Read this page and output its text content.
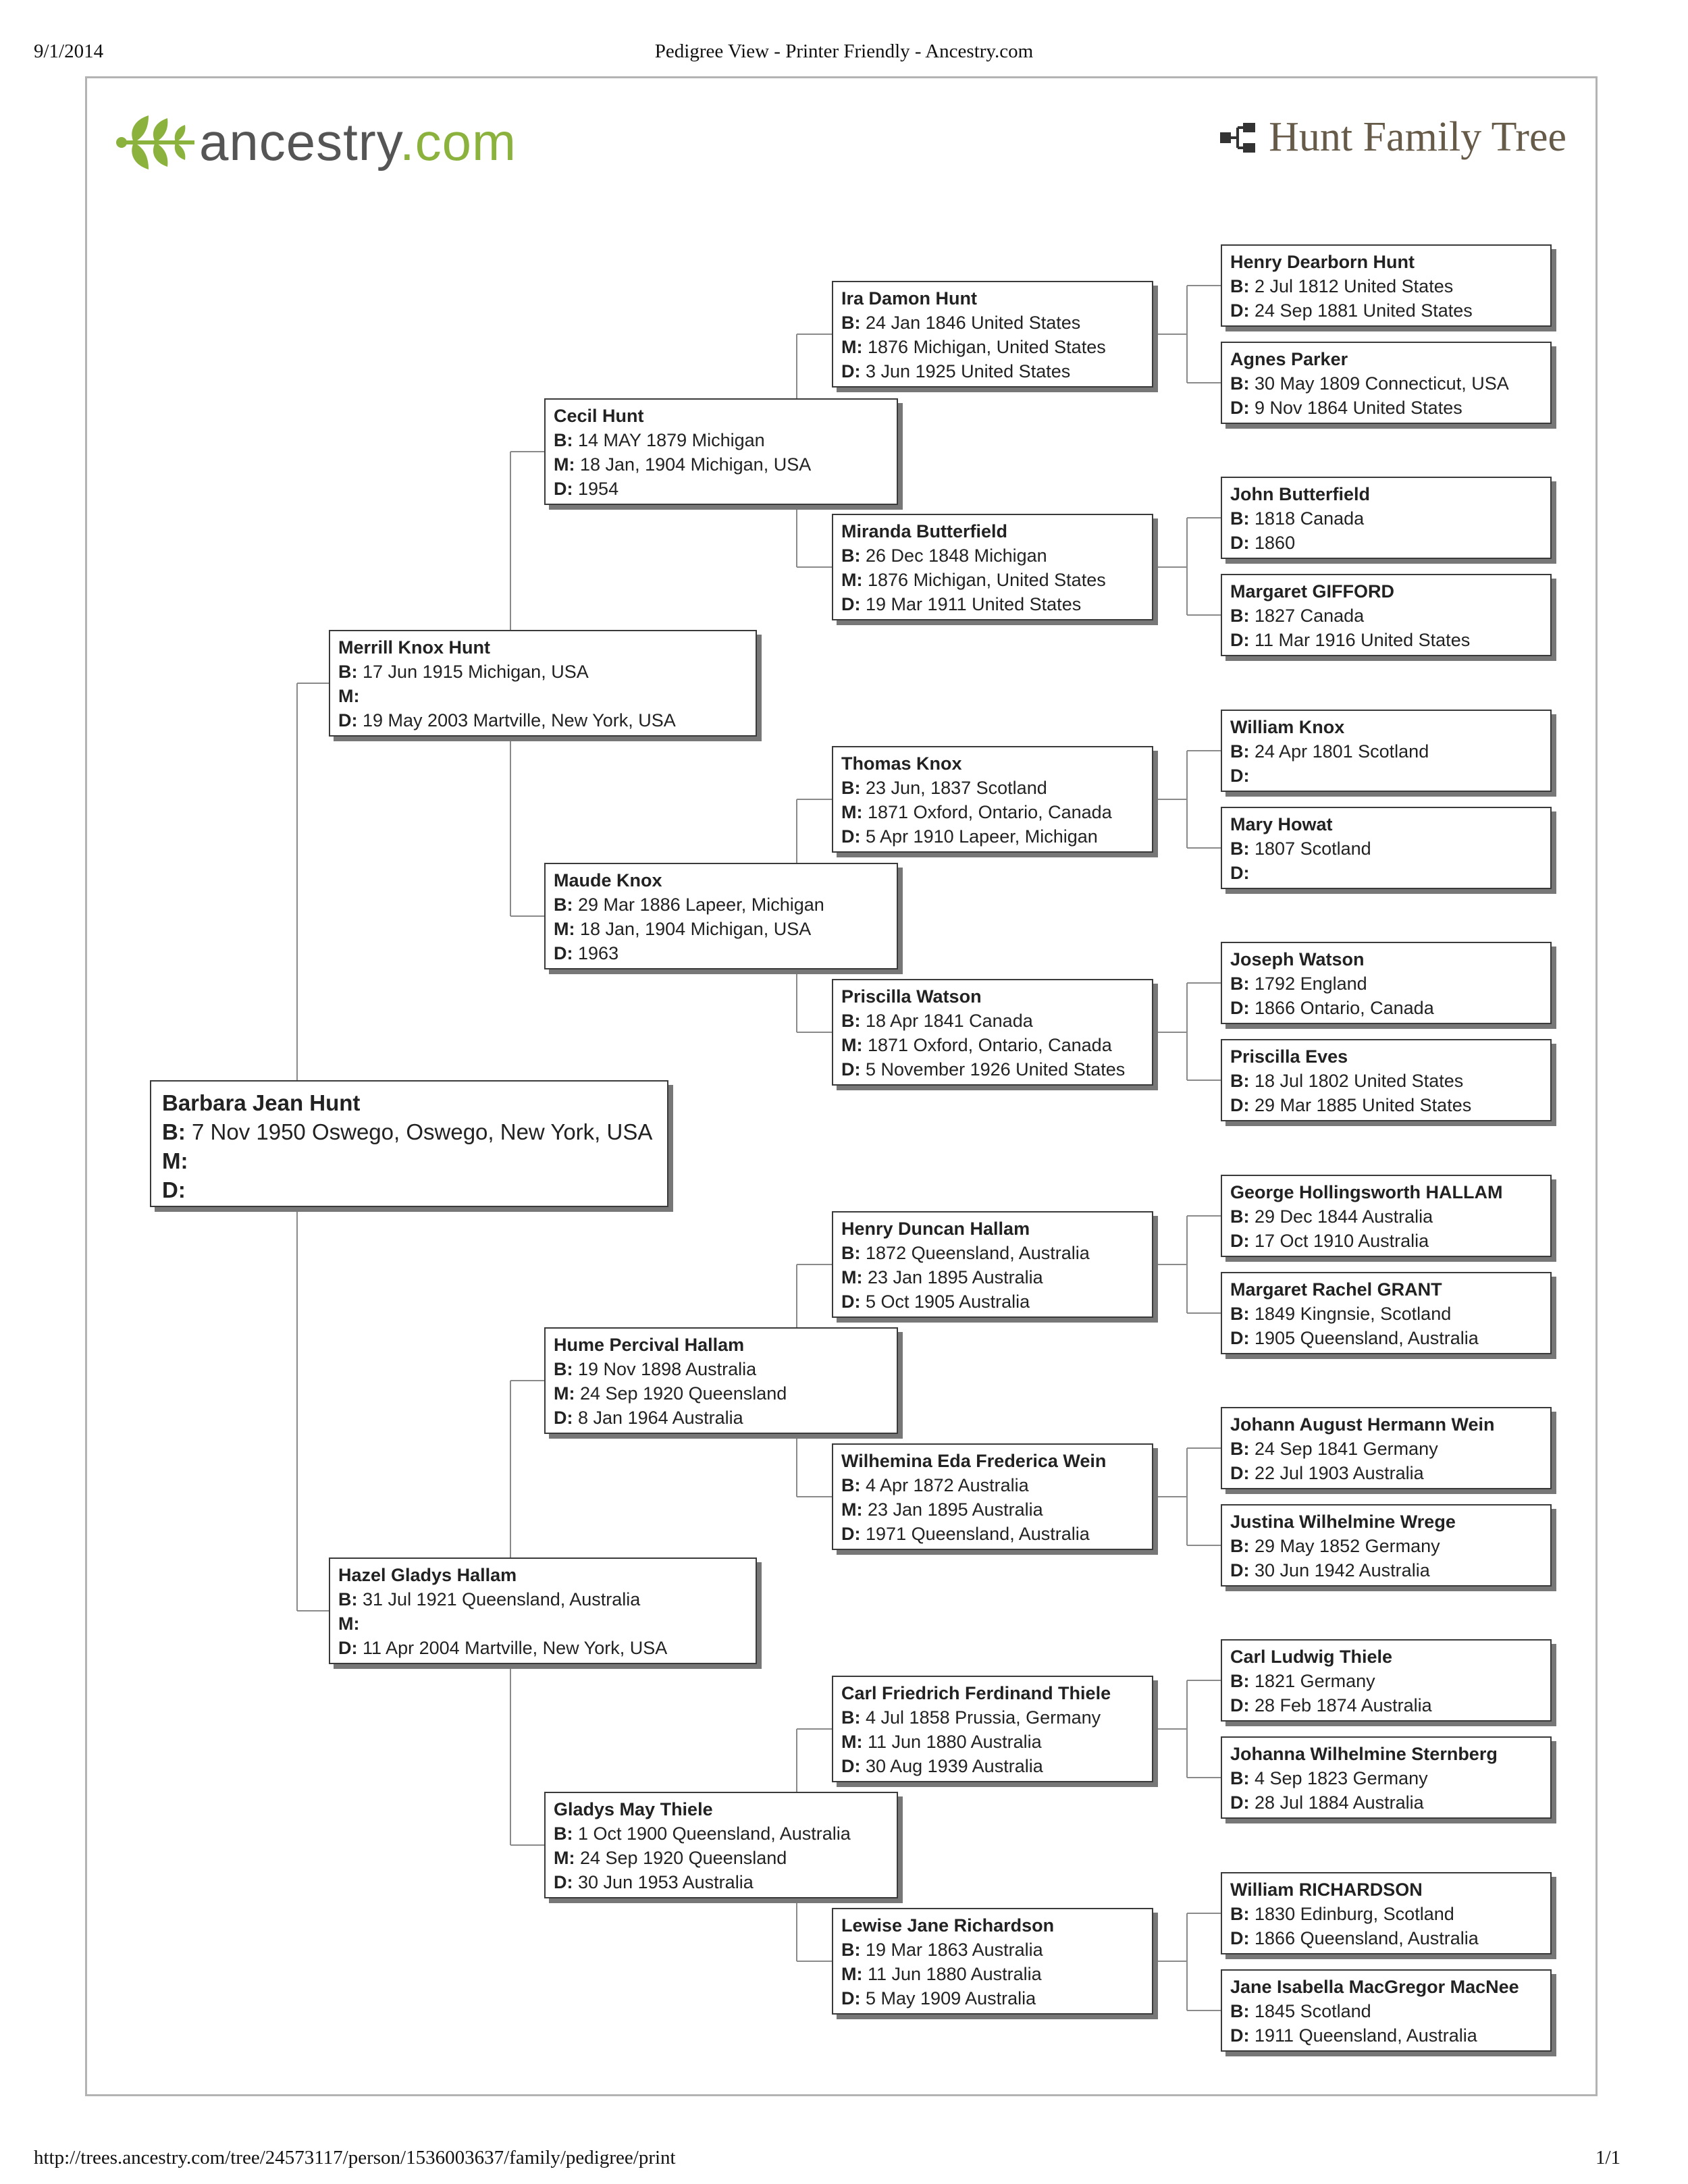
9/1/2014	Pedigree View - Printer Friendly - Ancestry.com
ancestry.com	Hunt Family Tree
Barbara Jean Hunt
B: 7 Nov 1950 Oswego, Oswego, New York, USA
M:
D:
Merrill Knox Hunt
B: 17 Jun 1915 Michigan, USA
M:
D: 19 May 2003 Martville, New York, USA
Hazel Gladys Hallam
B: 31 Jul 1921 Queensland, Australia
M:
D: 11 Apr 2004 Martville, New York, USA
Cecil Hunt
B: 14 MAY 1879 Michigan
M: 18 Jan, 1904 Michigan, USA
D: 1954
Maude Knox
B: 29 Mar 1886 Lapeer, Michigan
M: 18 Jan, 1904 Michigan, USA
D: 1963
Hume Percival Hallam
B: 19 Nov 1898 Australia
M: 24 Sep 1920 Queensland
D: 8 Jan 1964 Australia
Gladys May Thiele
B: 1 Oct 1900 Queensland, Australia
M: 24 Sep 1920 Queensland
D: 30 Jun 1953 Australia
Ira Damon Hunt
B: 24 Jan 1846 United States
M: 1876 Michigan, United States
D: 3 Jun 1925 United States
Miranda Butterfield
B: 26 Dec 1848 Michigan
M: 1876 Michigan, United States
D: 19 Mar 1911 United States
Thomas Knox
B: 23 Jun, 1837 Scotland
M: 1871 Oxford, Ontario, Canada
D: 5 Apr 1910 Lapeer, Michigan
Priscilla Watson
B: 18 Apr 1841 Canada
M: 1871 Oxford, Ontario, Canada
D: 5 November 1926 United States
Henry Duncan Hallam
B: 1872 Queensland, Australia
M: 23 Jan 1895 Australia
D: 5 Oct 1905 Australia
Wilhemina Eda Frederica Wein
B: 4 Apr 1872 Australia
M: 23 Jan 1895 Australia
D: 1971 Queensland, Australia
Carl Friedrich Ferdinand Thiele
B: 4 Jul 1858 Prussia, Germany
M: 11 Jun 1880 Australia
D: 30 Aug 1939 Australia
Lewise Jane Richardson
B: 19 Mar 1863 Australia
M: 11 Jun 1880 Australia
D: 5 May 1909 Australia
Henry Dearborn Hunt
B: 2 Jul 1812 United States
D: 24 Sep 1881 United States
Agnes Parker
B: 30 May 1809 Connecticut, USA
D: 9 Nov 1864 United States
John Butterfield
B: 1818 Canada
D: 1860
Margaret GIFFORD
B: 1827 Canada
D: 11 Mar 1916 United States
William Knox
B: 24 Apr 1801 Scotland
D:
Mary Howat
B: 1807 Scotland
D:
Joseph Watson
B: 1792 England
D: 1866 Ontario, Canada
Priscilla Eves
B: 18 Jul 1802 United States
D: 29 Mar 1885 United States
George Hollingsworth HALLAM
B: 29 Dec 1844 Australia
D: 17 Oct 1910 Australia
Margaret Rachel GRANT
B: 1849 Kingnsie, Scotland
D: 1905 Queensland, Australia
Johann August Hermann Wein
B: 24 Sep 1841 Germany
D: 22 Jul 1903 Australia
Justina Wilhelmine Wrege
B: 29 May 1852 Germany
D: 30 Jun 1942 Australia
Carl Ludwig Thiele
B: 1821 Germany
D: 28 Feb 1874 Australia
Johanna Wilhelmine Sternberg
B: 4 Sep 1823 Germany
D: 28 Jul 1884 Australia
William RICHARDSON
B: 1830 Edinburg, Scotland
D: 1866 Queensland, Australia
Jane Isabella MacGregor MacNee
B: 1845 Scotland
D: 1911 Queensland, Australia
http://trees.ancestry.com/tree/24573117/person/1536003637/family/pedigree/print	1/1
